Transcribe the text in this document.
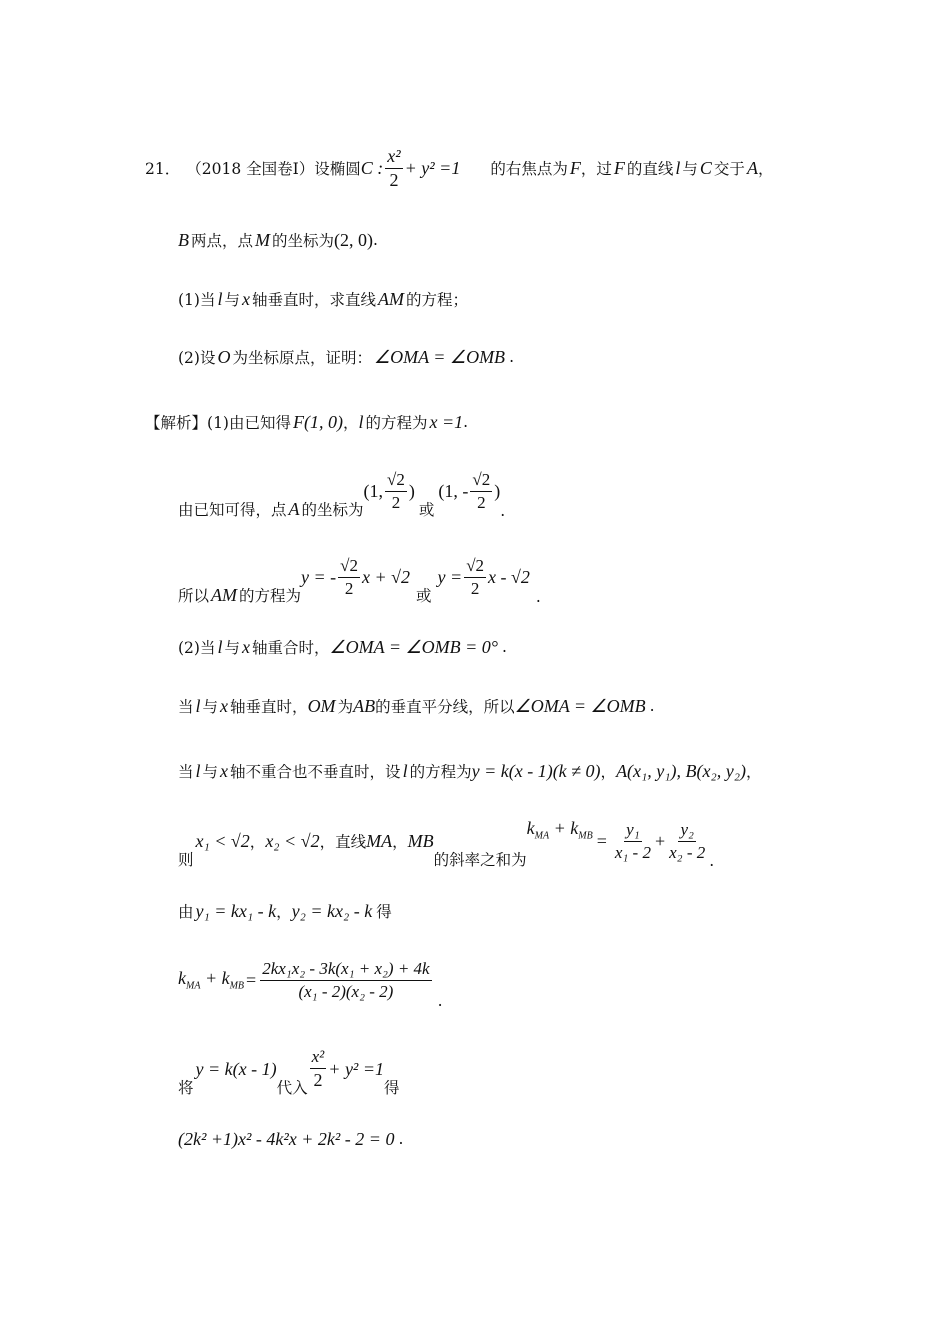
21． （2018 全国卷Ⅰ） 设椭圆 C : $\frac{\text{x²}}{2} + y^2 =1$ 的右焦点为 F ，过 F 的直线 l 与 C 交于 A ，
B 两点，点 M 的坐标为 (2, 0) .
(1)当 l 与 x 轴垂直时，求直线 AM 的方程；
(2)设 O 为坐标原点，证明： ∠OMA = ∠OMB .
【解析】 (1)由已知得 F(1, 0) ， l 的方程为 x =1 .
由已知可得，点 A 的坐标为
(1, $\frac{√2}{2}$ )
或
(1, - $\frac{√2}{2}$ )
.
所以 AM 的方程为
y = - $\frac{√2}{2}$ x + √2
或
$y = \frac{√2}{2}$ x - √2
.
(2)当 l 与 x 轴重合时， ∠OMA = ∠OMB = 0° .
当 l 与 x 轴垂直时， OM 为 AB 的垂直平分线，所以 ∠OMA = ∠OMB .
当 l 与 x 轴不重合也不垂直时，设 l 的方程为 y = k(x - 1)(k ≠ 0) ， A(x₁, y₁), B(x₂, y₂) ，
则
x₁ < √2 ， x₂ < √2 ，直线 MA ， MB
的斜率之和为
$k_{MA} + k_{MB} = \frac{\text{y₁}}{\text{x₁ - 2}} + \frac{\text{y₂}}{\text{x₂ - 2}}$ .
由 y₁ = kx₁ - k ， y₂ = kx₂ - k 得
$k_{MA} + k_{MB} = \frac{\text{2kx₁x₂ - 3k(x₁ + x₂) + 4k}}{\text{(x₁ - 2)(x₂ - 2)}}$ .
将
y = k(x - 1)
代入 $\frac{\text{x²}}{2} + y^2 =1$
得
(2k² +1)x² - 4k²x + 2k² - 2 = 0 .
